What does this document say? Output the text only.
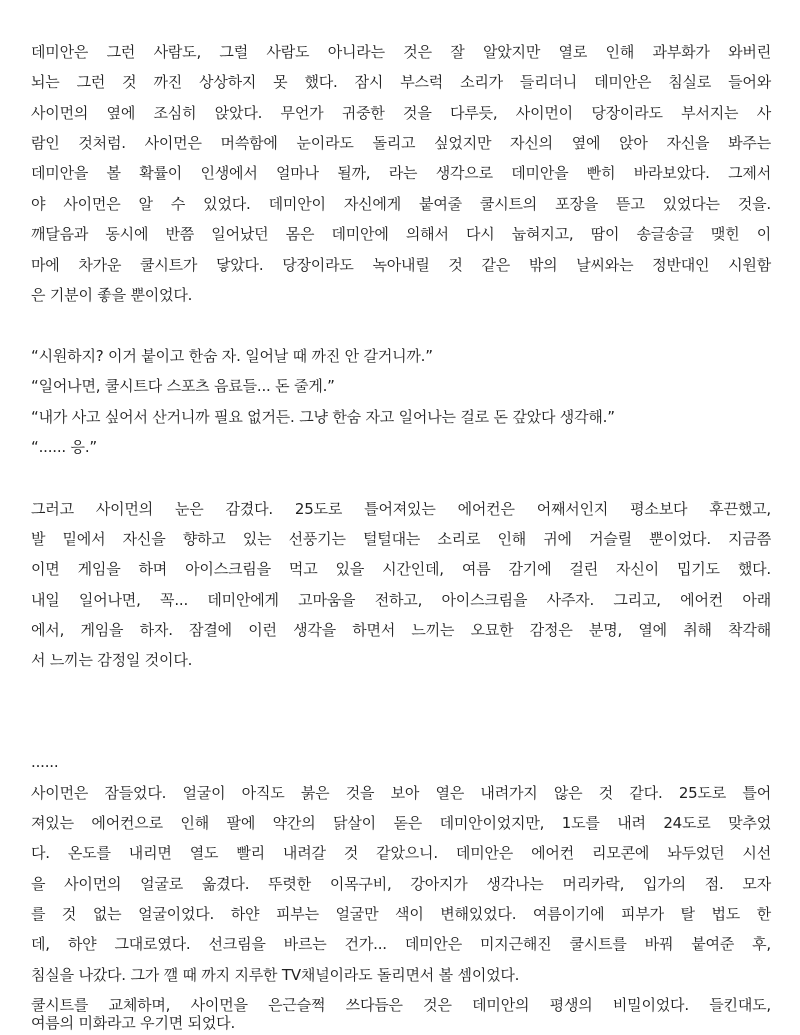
데미안은 그런 사람도, 그럴 사람도 아니라는 것은 잘 알았지만 열로 인해 과부화가 와버린
뇌는 그런 것 까진 상상하지 못 했다. 잠시 부스럭 소리가 들리더니 데미안은 침실로 들어와
사이먼의 옆에 조심히 앉았다. 무언가 귀중한 것을 다루듯, 사이먼이 당장이라도 부서지는 사
람인 것처럼. 사이먼은 머쓱함에 눈이라도 돌리고 싶었지만 자신의 옆에 앉아 자신을 봐주는
데미안을 볼 확률이 인생에서 얼마나 될까, 라는 생각으로 데미안을 빤히 바라보았다. 그제서
야 사이먼은 알 수 있었다. 데미안이 자신에게 붙여줄 쿨시트의 포장을 뜯고 있었다는 것을.
깨달음과 동시에 반쯤 일어났던 몸은 데미안에 의해서 다시 눕혀지고, 땀이 송글송글 맺힌 이
마에 차가운 쿨시트가 닿았다. 당장이라도 녹아내릴 것 같은 밖의 날씨와는 정반대인 시원함
은 기분이 좋을 뿐이었다.
“시원하지? 이거 붙이고 한숨 자. 일어날 때 까진 안 갈거니까.”
“일어나면, 쿨시트다 스포츠 음료들... 돈 줄게.”
“내가 사고 싶어서 산거니까 필요 없거든. 그냥 한숨 자고 일어나는 걸로 돈 갚았다 생각해.”
“...... 응.”
그러고 사이먼의 눈은 감겼다. 25도로 틀어져있는 에어컨은 어째서인지 평소보다 후끈했고,
발 밑에서 자신을 향하고 있는 선풍기는 털털대는 소리로 인해 귀에 거슬릴 뿐이었다. 지금쯤
이면 게임을 하며 아이스크림을 먹고 있을 시간인데, 여름 감기에 걸린 자신이 밉기도 했다.
내일 일어나면, 꼭... 데미안에게 고마움을 전하고, 아이스크림을 사주자. 그리고, 에어컨 아래
에서, 게임을 하자. 잠결에 이런 생각을 하면서 느끼는 오묘한 감정은 분명, 열에 취해 착각해
서 느끼는 감정일 것이다.
......
사이먼은 잠들었다. 얼굴이 아직도 붉은 것을 보아 열은 내려가지 않은 것 같다. 25도로 틀어
져있는 에어컨으로 인해 팔에 약간의 닭살이 돋은 데미안이었지만, 1도를 내려 24도로 맞추었
다. 온도를 내리면 열도 빨리 내려갈 것 같았으니. 데미안은 에어컨 리모콘에 놔두었던 시선
을 사이먼의 얼굴로 옮겼다. 뚜렷한 이목구비, 강아지가 생각나는 머리카락, 입가의 점. 모자
를 것 없는 얼굴이었다. 하얀 피부는 얼굴만 색이 변해있었다. 여름이기에 피부가 탈 법도 한
데, 하얀 그대로였다. 선크림을 바르는 건가... 데미안은 미지근해진 쿨시트를 바꿔 붙여준 후,
침실을 나갔다. 그가 깰 때 까지 지루한 TV채널이라도 돌리면서 볼 셈이었다.
쿨시트를 교체하며, 사이먼을 은근슬쩍 쓰다듬은 것은 데미안의 평생의 비밀이었다. 들킨대도,
여름의 미화라고 우기면 되었다.
